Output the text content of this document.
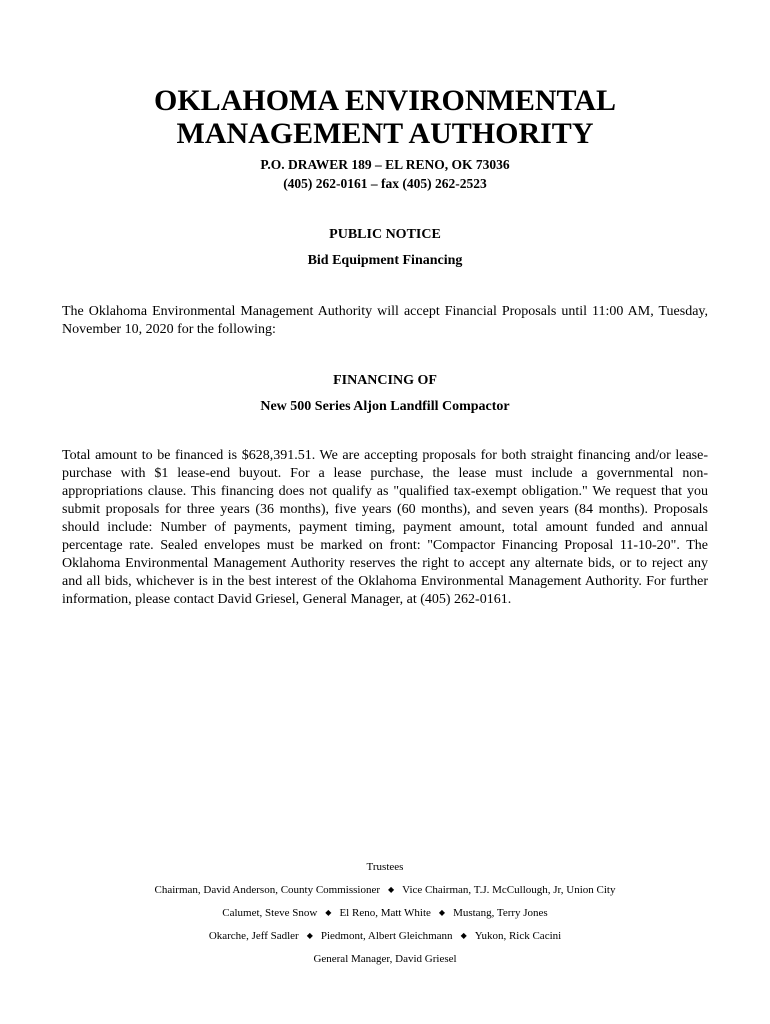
OKLAHOMA ENVIRONMENTAL
MANAGEMENT AUTHORITY
P.O. DRAWER 189 – EL RENO, OK 73036
(405) 262-0161 – fax (405) 262-2523
PUBLIC NOTICE
Bid Equipment Financing

The Oklahoma Environmental Management Authority will accept Financial Proposals until 11:00 AM, Tuesday, November 10, 2020 for the following:

FINANCING OF
New 500 Series Aljon Landfill Compactor

Total amount to be financed is $628,391.51. We are accepting proposals for both straight financing and/or lease-purchase with $1 lease-end buyout. For a lease purchase, the lease must include a governmental non-appropriations clause. This financing does not qualify as "qualified tax-exempt obligation." We request that you submit proposals for three years (36 months), five years (60 months), and seven years (84 months). Proposals should include: Number of payments, payment timing, payment amount, total amount funded and annual percentage rate. Sealed envelopes must be marked on front: "Compactor Financing Proposal 11-10-20". The Oklahoma Environmental Management Authority reserves the right to accept any alternate bids, or to reject any and all bids, whichever is in the best interest of the Oklahoma Environmental Management Authority. For further information, please contact David Griesel, General Manager, at (405) 262-0161.

Trustees
Chairman, David Anderson, County Commissioner ◆ Vice Chairman, T.J. McCullough, Jr, Union City
Calumet, Steve Snow ◆ El Reno, Matt White ◆ Mustang, Terry Jones
Okarche, Jeff Sadler ◆ Piedmont, Albert Gleichmann ◆ Yukon, Rick Cacini
General Manager, David Griesel
